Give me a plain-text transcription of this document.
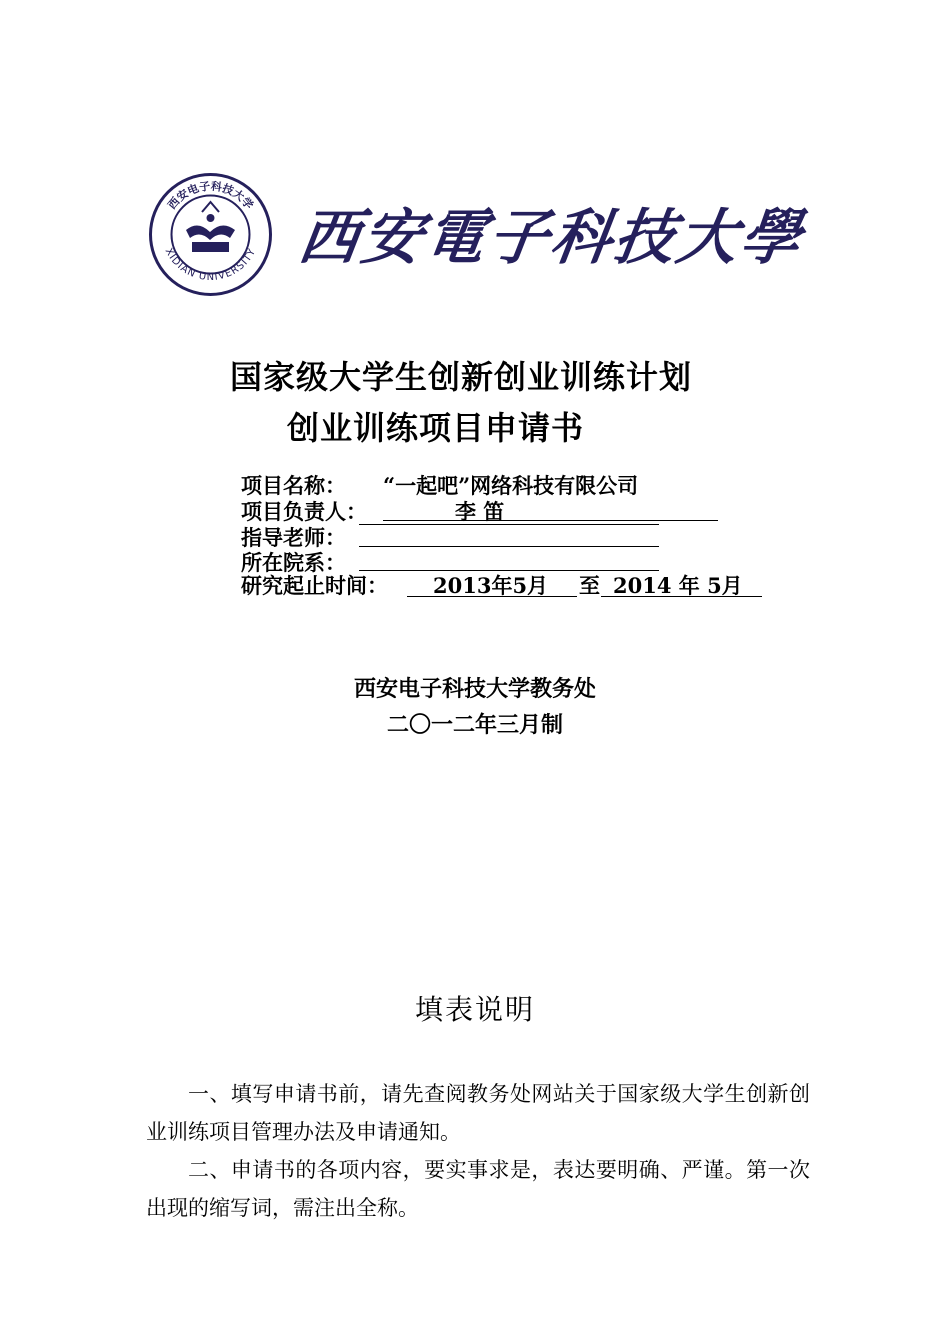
西安电子科技大学
XIDIAN UNIVERSITY 西安電子科技大學
国家级大学生创新创业训练计划
创业训练项目申请书
项目名称： “一起吧”网络科技有限公司
项目负责人：	李 笛
指导老师：
所在院系：
研究起止时间： 2013年5月 至 2014 年 5月
西安电子科技大学教务处
二〇一二年三月制
填表说明
一、填写申请书前，请先查阅教务处网站关于国家级大学生创新创业训练项目管理办法及申请通知。
二、申请书的各项内容，要实事求是，表达要明确、严谨。第一次出现的缩写词，需注出全称。
